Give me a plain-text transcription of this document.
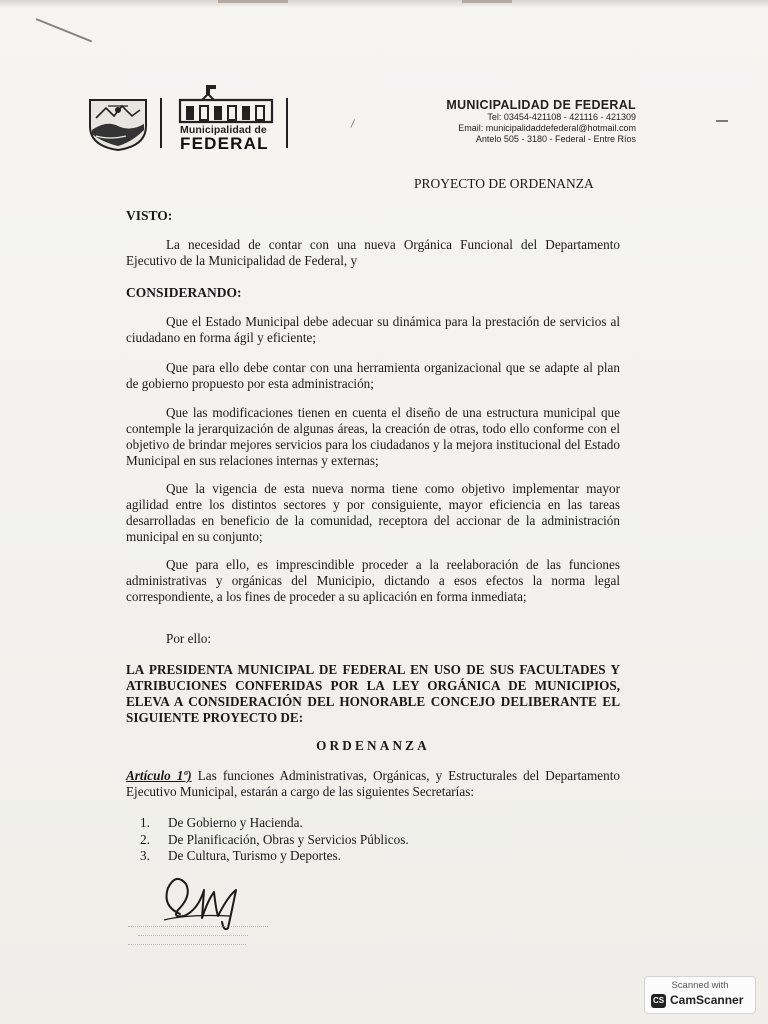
Municipalidad de
FEDERAL
MUNICIPALIDAD DE FEDERAL
Tel: 03454-421108 - 421116 - 421309
Email: municipalidaddefederal@hotmail.com
Antelo 505 - 3180 - Federal - Entre Ríos
PROYECTO DE ORDENANZA
VISTO:
La necesidad de contar con una nueva Orgánica Funcional del Departamento Ejecutivo de la Municipalidad de Federal, y
CONSIDERANDO:
Que el Estado Municipal debe adecuar su dinámica para la prestación de servicios al ciudadano en forma ágil y eficiente;
Que para ello debe contar con una herramienta organizacional que se adapte al plan de gobierno propuesto por esta administración;
Que las modificaciones tienen en cuenta el diseño de una estructura municipal que contemple la jerarquización de algunas áreas, la creación de otras, todo ello conforme con el objetivo de brindar mejores servicios para los ciudadanos y la mejora institucional del Estado Municipal en sus relaciones internas y externas;
Que la vigencia de esta nueva norma tiene como objetivo implementar mayor agilidad entre los distintos sectores y por consiguiente, mayor eficiencia en las tareas desarrolladas en beneficio de la comunidad, receptora del accionar de la administración municipal en su conjunto;
Que para ello, es imprescindible proceder a la reelaboración de las funciones administrativas y orgánicas del Municipio, dictando a esos efectos la norma legal correspondiente, a los fines de proceder a su aplicación en forma inmediata;
Por ello:
LA PRESIDENTA MUNICIPAL DE FEDERAL EN USO DE SUS FACULTADES Y ATRIBUCIONES CONFERIDAS POR LA LEY ORGÁNICA DE MUNICIPIOS, ELEVA A CONSIDERACIÓN DEL HONORABLE CONCEJO DELIBERANTE EL SIGUIENTE PROYECTO DE:
ORDENANZA
Artículo 1º) Las funciones Administrativas, Orgánicas, y Estructurales del Departamento Ejecutivo Municipal, estarán a cargo de las siguientes Secretarías:
1. De Gobierno y Hacienda.
2. De Planificación, Obras y Servicios Públicos.
3. De Cultura, Turismo y Deportes.
Scanned with
CS CamScanner
